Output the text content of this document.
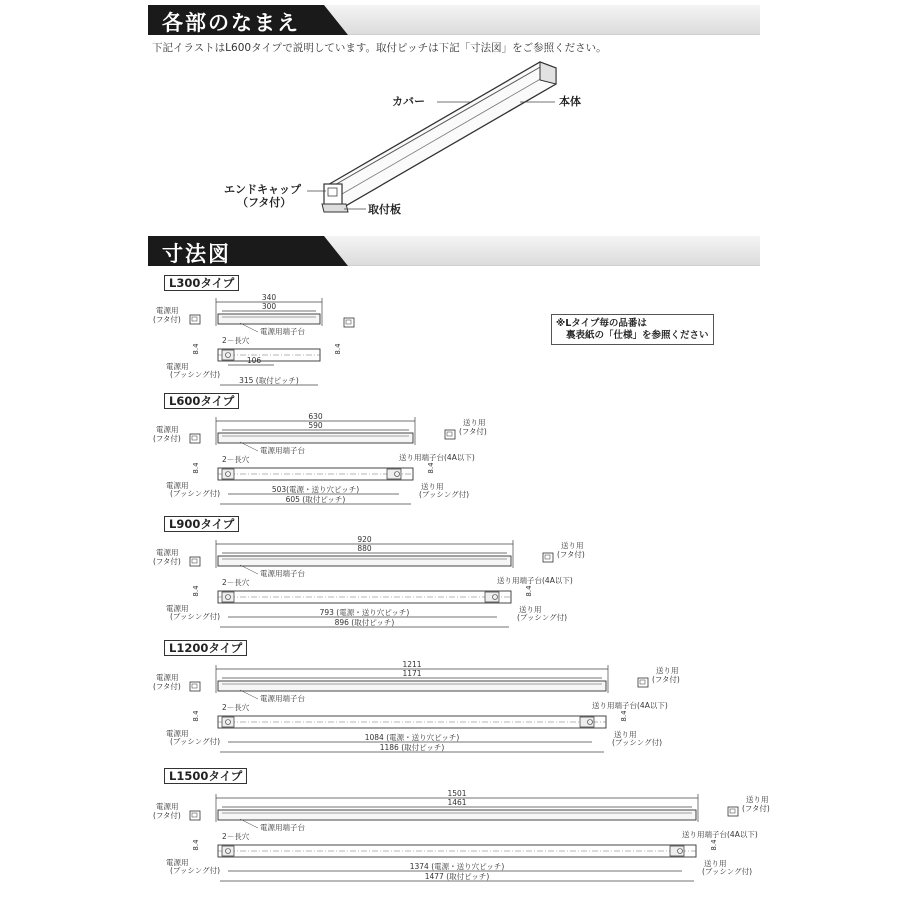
各部のなまえ
下記イラストはL600タイプで説明しています。取付ピッチは下記「寸法図」をご参照ください。
カバー	本体
エンドキャップ
（フタ付）
取付板
寸法図
L300タイプ
L600タイプ
L900タイプ
L1200タイプ
L1500タイプ
※Lタイプ毎の品番は
裏表紙の「仕様」を参照ください
340
300
電源用
(フタ付)
電源用端子台
2－長穴
8.4	8.4
電源用
(ブッシング付)
106
315 (取付ピッチ)
630
590
電源用
(フタ付)
電源用端子台
2－長穴
8.4	8.4
電源用
(ブッシング付)	503(電源・送り穴ピッチ)
605 (取付ピッチ)
送り用
(フタ付)
送り用端子台(4A以下)
送り用
(ブッシング付)
920
880
電源用
(フタ付)
電源用端子台
2－長穴
8.4	8.4
電源用
(ブッシング付)	793 (電源・送り穴ピッチ)
896 (取付ピッチ)
送り用
(フタ付)
送り用端子台(4A以下)
送り用
(ブッシング付)
1211
1171
電源用
(フタ付)
電源用端子台
2－長穴
8.4	8.4
電源用
(ブッシング付)	1084 (電源・送り穴ピッチ)
1186 (取付ピッチ)
送り用
(フタ付)
送り用端子台(4A以下)
送り用
(ブッシング付)
1501
1461
電源用
(フタ付)
電源用端子台
2－長穴
8.4	8.4
電源用
(ブッシング付)	1374 (電源・送り穴ピッチ)
1477 (取付ピッチ)
送り用
(フタ付)
送り用端子台(4A以下)
送り用
(ブッシング付)
